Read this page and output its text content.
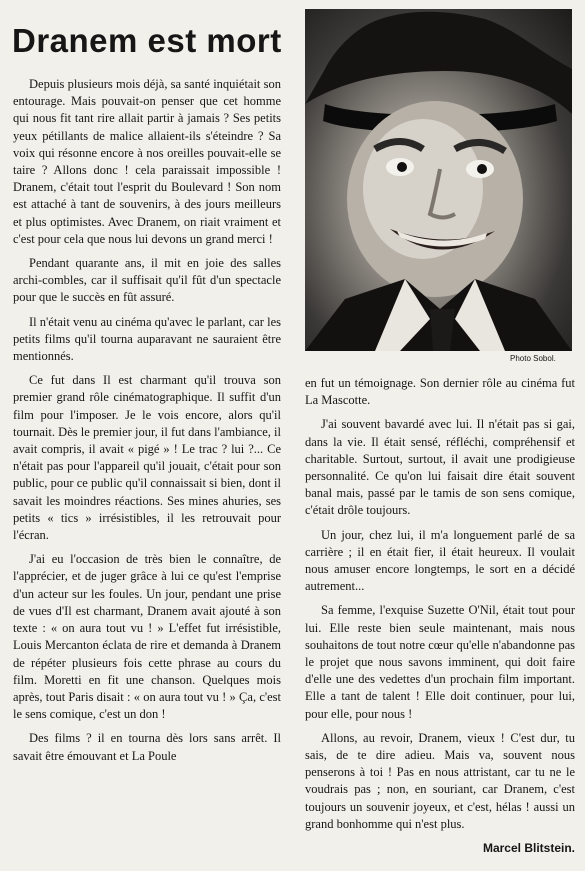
Dranem est mort

Depuis plusieurs mois déjà, sa santé inquiétait son entourage. Mais pouvait-on penser que cet homme qui nous fit tant rire allait partir à jamais ? Ses petits yeux pétillants de malice allaient-ils s'éteindre ? Sa voix qui résonne encore à nos oreilles pouvait-elle se taire ? Allons donc ! cela paraissait impossible ! Dranem, c'était tout l'esprit du Boulevard ! Son nom est attaché à tant de souvenirs, à des jours meilleurs et plus optimistes. Avec Dranem, on riait vraiment et c'est pour cela que nous lui devons un grand merci !

Pendant quarante ans, il mit en joie des salles archi-combles, car il suffisait qu'il fût d'un spectacle pour que le succès en fût assuré.

Il n'était venu au cinéma qu'avec le parlant, car les petits films qu'il tourna auparavant ne sauraient être mentionnés.

Ce fut dans Il est charmant qu'il trouva son premier grand rôle cinématographique. Il suffit d'un film pour l'imposer. Je le vois encore, alors qu'il tournait. Dès le premier jour, il fut dans l'ambiance, il avait compris, il avait « pigé » ! Le trac ? lui ?... Ce n'était pas pour l'appareil qu'il jouait, c'était pour son public, pour ce public qu'il connaissait si bien, dont il savait les moindres réactions. Ses mines ahuries, ses petits « tics » irrésistibles, il les retrouvait pour l'écran.

J'ai eu l'occasion de très bien le connaître, de l'apprécier, et de juger grâce à lui ce qu'est l'emprise d'un acteur sur les foules. Un jour, pendant une prise de vues d'Il est charmant, Dranem avait ajouté à son texte : « on aura tout vu ! » L'effet fut irrésistible, Louis Mercanton éclata de rire et demanda à Dranem de répéter plusieurs fois cette phrase au cours du film. Moretti en fit une chanson. Quelques mois après, tout Paris disait : « on aura tout vu ! » Ça, c'est le sens comique, c'est un don !

Des films ? il en tourna dès lors sans arrêt. Il savait être émouvant et La Poule

Photo Sobol.

en fut un témoignage. Son dernier rôle au cinéma fut La Mascotte.

J'ai souvent bavardé avec lui. Il n'était pas si gai, dans la vie. Il était sensé, réfléchi, compréhensif et charitable. Surtout, surtout, il avait une prodigieuse personnalité. Ce qu'on lui faisait dire était souvent banal mais, passé par le tamis de son sens comique, c'était drôle toujours.

Un jour, chez lui, il m'a longuement parlé de sa carrière ; il en était fier, il était heureux. Il voulait nous amuser encore longtemps, le sort en a décidé autrement...

Sa femme, l'exquise Suzette O'Nil, était tout pour lui. Elle reste bien seule maintenant, mais nous souhaitons de tout notre cœur qu'elle n'abandonne pas le projet que nous savons imminent, qui doit faire d'elle une des vedettes d'un prochain film important. Elle a tant de talent ! Elle doit continuer, pour lui, pour elle, pour nous !

Allons, au revoir, Dranem, vieux ! C'est dur, tu sais, de te dire adieu. Mais va, souvent nous penserons à toi ! Pas en nous attristant, car tu ne le voudrais pas ; non, en souriant, car Dranem, c'est toujours un souvenir joyeux, et c'est, hélas ! aussi un grand bonhomme qui n'est plus.

Marcel Blitstein.
